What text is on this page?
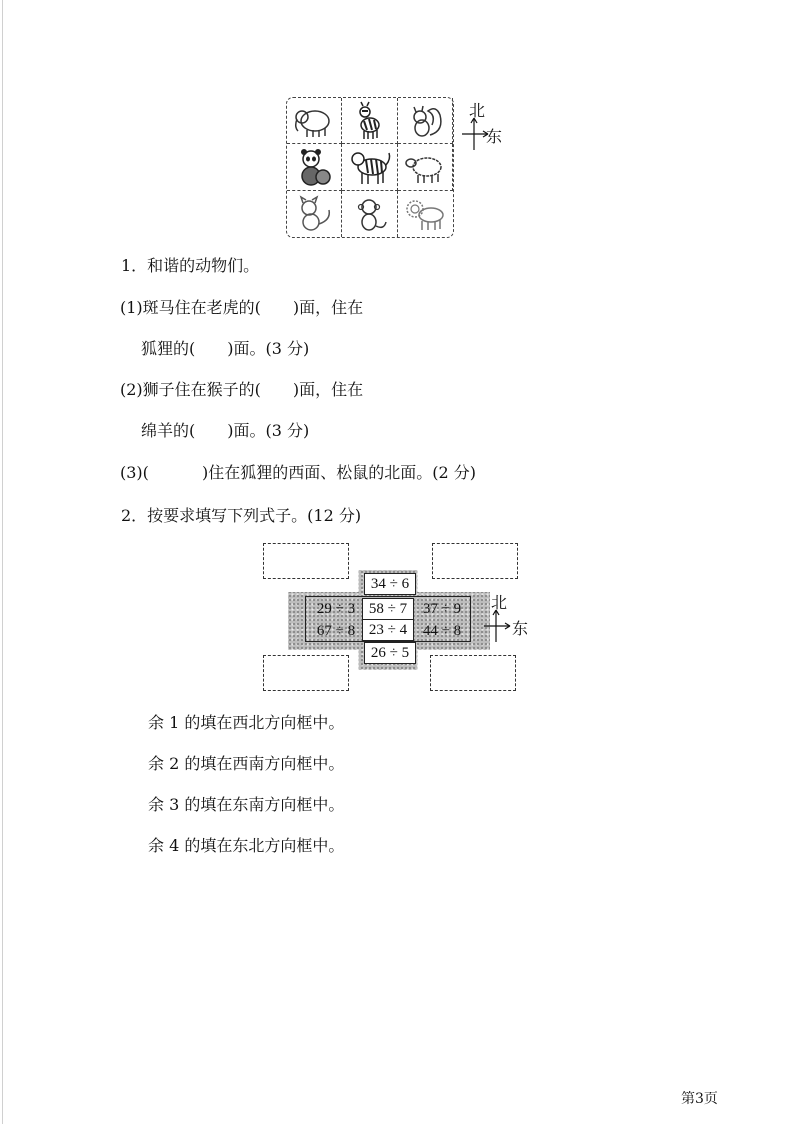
北
东
1．和谐的动物们。
(1)斑马住在老虎的(　　)面，住在
狐狸的(　　)面。(3 分)
(2)狮子住在猴子的(　　)面，住在
绵羊的(　　)面。(3 分)
(3)(　　　 )住在狐狸的西面、松鼠的北面。(2 分)
2．按要求填写下列式子。(12 分)
34 ÷ 6
29 ÷ 3 58 ÷ 7	37 ÷ 9
67 ÷ 8 23 ÷ 4	44 ÷ 8
26 ÷ 5
北
东
余 1 的填在西北方向框中。
余 2 的填在西南方向框中。
余 3 的填在东南方向框中。
余 4 的填在东北方向框中。
第3页
